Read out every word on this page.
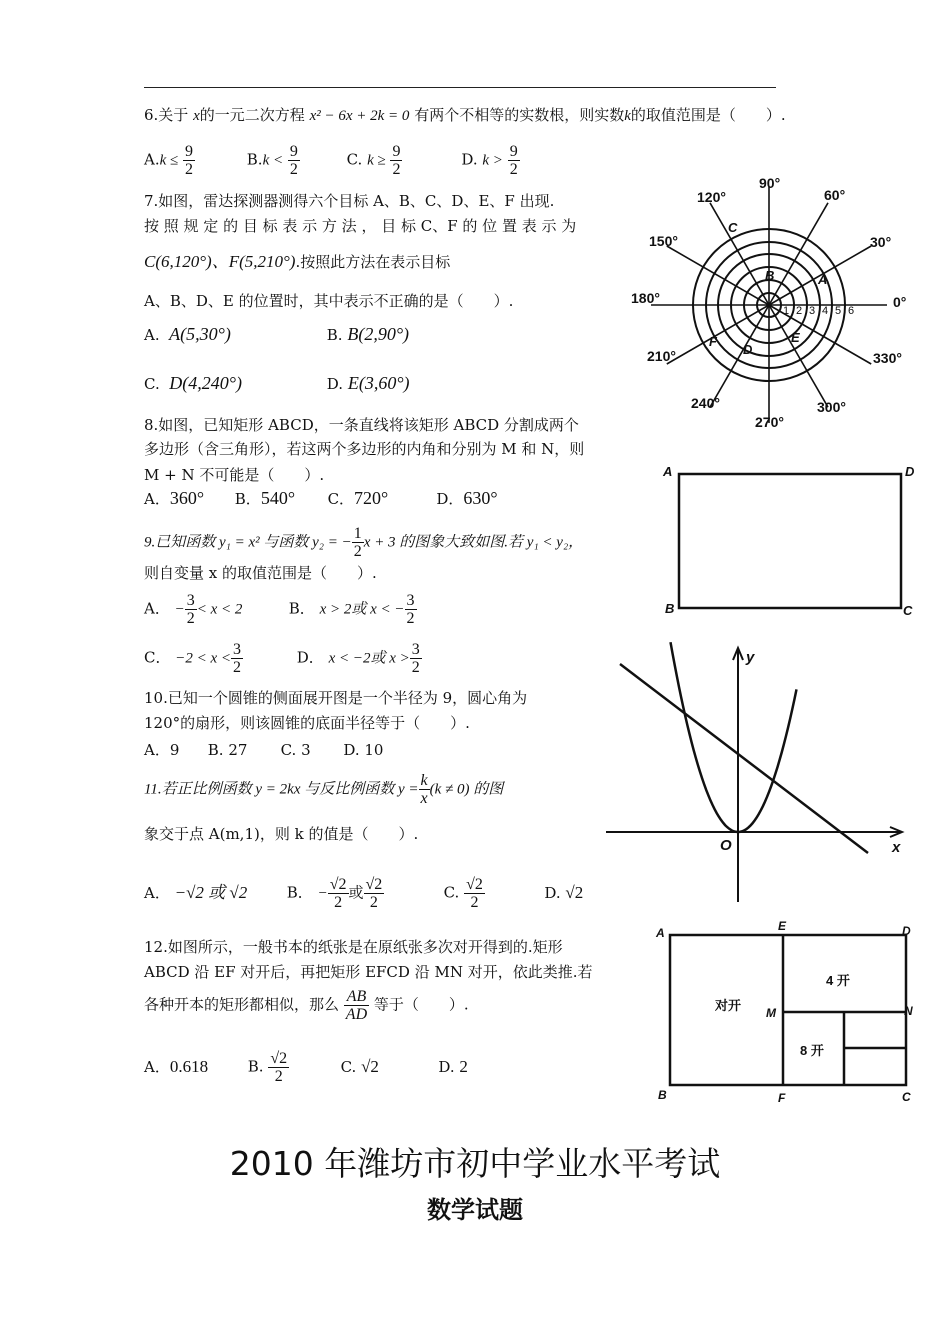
6.关于 x的一元二次方程 x² − 6x + 2k = 0 有两个不相等的实数根，则实数k的取值范围是（　　）.
$A.k \le \frac{9}{2}$	$B.k < \frac{9}{2}$	C. $k \ge \frac{9}{2}$	D. $k > \frac{9}{2}$
7.如图，雷达探测器测得六个目标 A、B、C、D、E、F 出现.
按 照 规 定 的 目 标 表 示 方 法 ， 目 标 C、F 的 位 置 表 示 为
C(6,120°)、F(5,210°).按照此方法在表示目标
A、B、D、E 的位置时，其中表示不正确的是（　　）.
A. A(5,30°)	B. B(2,90°)
C. D(4,240°)	D. E(3,60°)
90°
60°
30°
0°
330°
300°
270°
240°
210°
180°
150°
120°
1 2 3 4 5 6
A
B
C
D
E
F
8.如图，已知矩形 ABCD，一条直线将该矩形 ABCD 分割成两个
多边形（含三角形），若这两个多边形的内角和分别为 M 和 N，则
M + N 不可能是（　　）.
A．360° B．540° C．720°	D．630°
A	D
B	C
9.已知函数 y₁ = x² 与函数 y₂ = − $\frac{1}{2}$ x + 3 的图象大致如图.若 y₁ < y₂，
则自变量 x 的取值范围是（　　）.
A． − $\frac{3}{2} < x < 2$	B． x > 2或 x < − $\frac{3}{2}$
C． $-2 < x < \frac{3}{2}$	D． x < −2或 $x > \frac{3}{2}$	y
x
O
10.已知一个圆锥的侧面展开图是一个半径为 9，圆心角为
120°的扇形，则该圆锥的底面半径等于（　　）.
A．9 B. 27 C. 3 D. 10
11.若正比例函数 y = 2kx 与反比例函数 $y = \frac{k}{x} (k \ne 0)$ 的图
象交于点 A(m,1)，则 k 的值是（　　）.
A． −√2 或 √2	B． − $\frac{√2}{2}$ 或 $\frac{√2}{2}$	C. $\frac{√2}{2}$	D. √2
12.如图所示，一般书本的纸张是在原纸张多次对开得到的.矩形
ABCD 沿 EF 对开后，再把矩形 EFCD 沿 MN 对开，依此类推.若
各种开本的矩形都相似，那么 $\frac{AB}{AD}$ 等于（　　）.
A．0.618	B. $\frac{√2}{2}$	C. √2	D. 2
A
B	C
D
E
F
M	N
对开
4 开
8 开
2010 年潍坊市初中学业水平考试
数学试题
